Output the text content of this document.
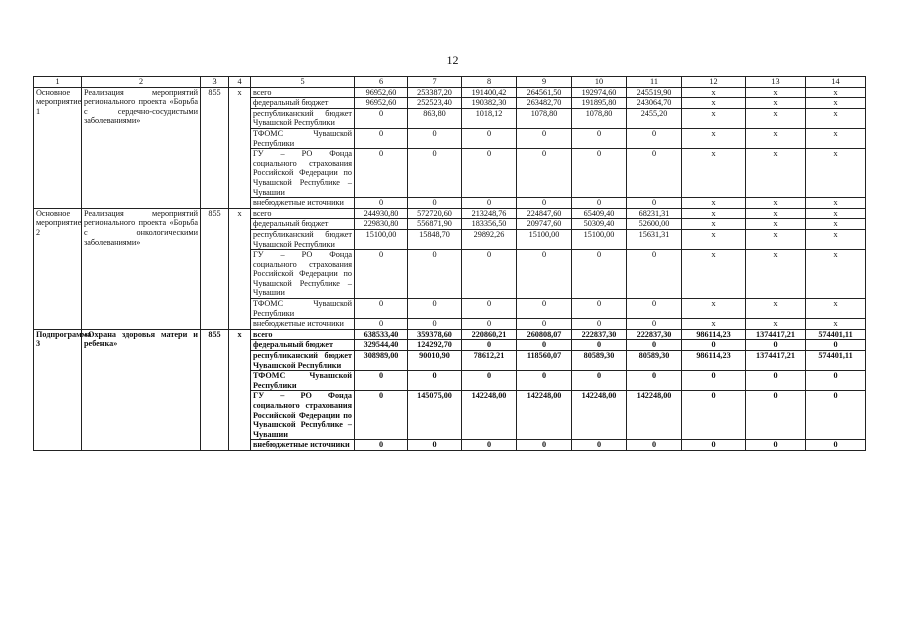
12
1	2	3	4	5	6	7	8	9	10	11	12	13	14
Основное мероприятие 1	Реализация мероприятий регионального проекта «Борьба с сердечно-сосудистыми заболеваниями»	855	x	всего	96952,60	253387,20	191400,42	264561,50	192974,60	245519,90	x	x	x
				федеральный бюджет	96952,60	252523,40	190382,30	263482,70	191895,80	243064,70	x	x	x
				республиканский бюджет Чувашской Республики	0	863,80	1018,12	1078,80	1078,80	2455,20	x	x	x
				ТФОМС Чувашской Республики	0	0	0	0	0	0	x	x	x
				ГУ – РО Фонда социального страхования Российской Федерации по Чувашской Республике – Чувашии	0	0	0	0	0	0	x	x	x
				внебюджетные источники	0	0	0	0	0	0	x	x	x
Основное мероприятие 2	Реализация мероприятий регионального проекта «Борьба с онкологическими заболеваниями»	855	x	всего	244930,80	572720,60	213248,76	224847,60	65409,40	68231,31	x	x	x
				федеральный бюджет	229830,80	556871,90	183356,50	209747,60	50309,40	52600,00	x	x	x
				республиканский бюджет Чувашской Республики	15100,00	15848,70	29892,26	15100,00	15100,00	15631,31	x	x	x
				ГУ – РО Фонда социального страхования Российской Федерации по Чувашской Республике – Чувашии	0	0	0	0	0	0	x	x	x
				ТФОМС Чувашской Республики	0	0	0	0	0	0	x	x	x
				внебюджетные источники	0	0	0	0	0	0	x	x	x
Подпрограмма 3	«Охрана здоровья матери и ребенка»	855	x	всего	638533,40	359378,60	220860,21	260808,07	222837,30	222837,30	986114,23	1374417,21	574401,11
				федеральный бюджет	329544,40	124292,70	0	0	0	0	0	0	0
				республиканский бюджет Чувашской Республики	308989,00	90010,90	78612,21	118560,07	80589,30	80589,30	986114,23	1374417,21	574401,11
				ТФОМС Чувашской Республики	0	0	0	0	0	0	0	0	0
				ГУ – РО Фонда социального страхования Российской Федерации по Чувашской Республике – Чувашии	0	145075,00	142248,00	142248,00	142248,00	142248,00	0	0	0
				внебюджетные источники	0	0	0	0	0	0	0	0	0
